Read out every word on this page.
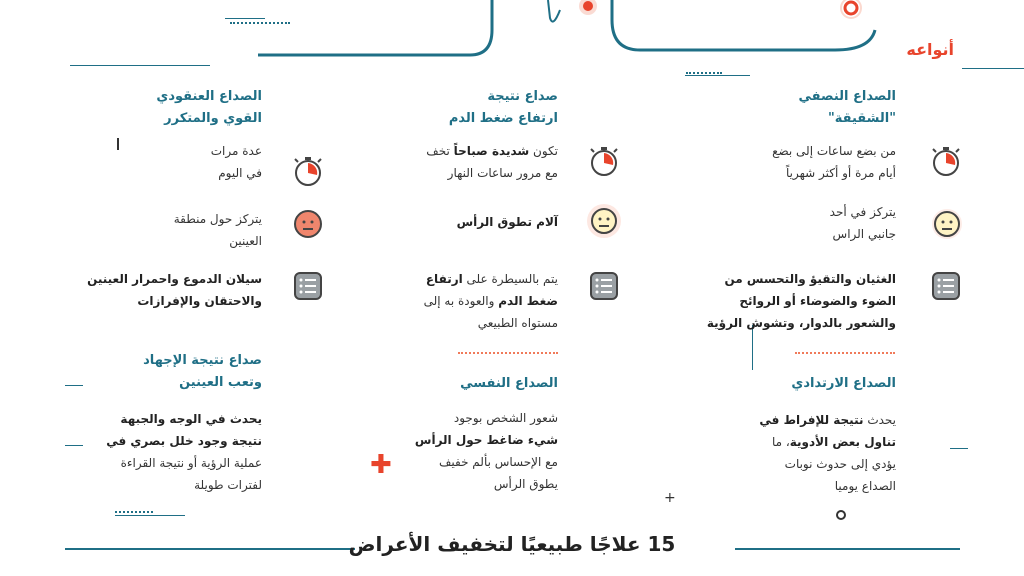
أنواعه

الصداع النصفي

"الشقيقة"

من بضع ساعات إلى بضع

أيام مرة أو أكثر شهرياً

يتركز في أحد

جانبي الراس

الغثيان والتقيؤ والتحسس من

الضوء والضوضاء أو الروائح

والشعور بالدوار، وتشوش الرؤية

الصداع الارتدادي

يحدث نتيجة للإفراط في

تناول بعض الأدوية، ما

يؤدي إلى حدوث نوبات

الصداع يوميا

صداع نتيجة

ارتفاع ضغط الدم

تكون شديدة صباحاً تخف

مع مرور ساعات النهار

آلام تطوق الرأس

يتم بالسيطرة على ارتفاع

ضغط الدم والعودة به إلى

مستواه الطبيعي

الصداع النفسي

شعور الشخص بوجود

شيء ضاغط حول الرأس

مع الإحساس بألم خفيف

يطوق الرأس

الصداع العنقودي

القوي والمتكرر

عدة مرات

في اليوم

يتركز حول منطقة

العينين

سيلان الدموع واحمرار العينين

والاحتقان والإفرازات

صداع نتيجة الإجهاد

وتعب العينين

يحدث في الوجه والجبهة

نتيجة وجود خلل بصري في

عملية الرؤية أو نتيجة القراءة

لفترات طويلة

✚
+
15 علاجًا طبيعيًا لتخفيف الأعراض
